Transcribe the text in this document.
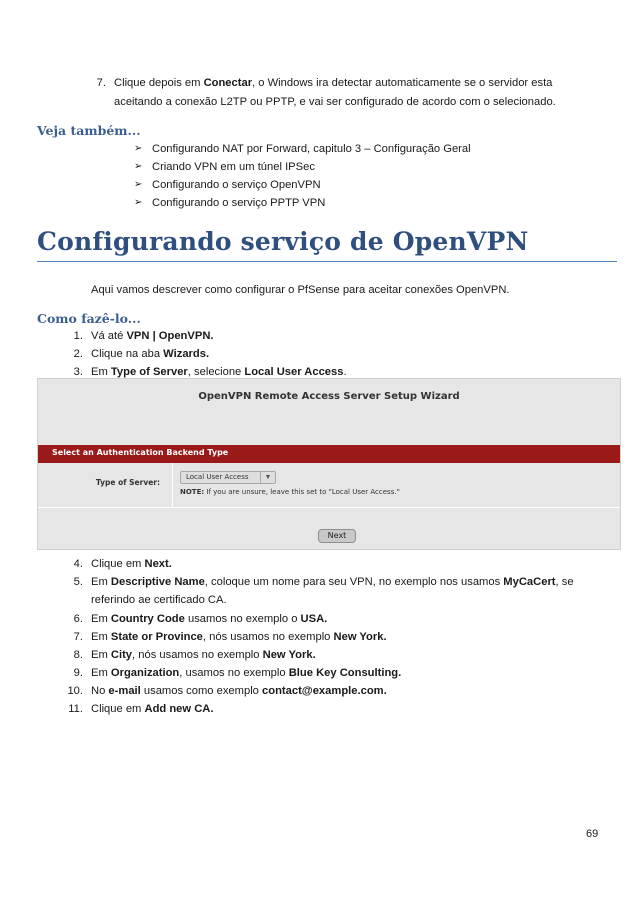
7. Clique depois em Conectar, o Windows ira detectar automaticamente se o servidor esta
aceitando a conexão L2TP ou PPTP, e vai ser configurado de acordo com o selecionado.
Veja também...
➢ Configurando NAT por Forward, capitulo 3 – Configuração Geral
➢ Criando VPN em um túnel IPSec
➢ Configurando o serviço OpenVPN
➢ Configurando o serviço PPTP VPN
Configurando serviço de OpenVPN
Aqui vamos descrever como configurar o PfSense para aceitar conexões OpenVPN.
Como fazê-lo...
1. Vá até VPN | OpenVPN.
2. Clique na aba Wizards.
3. Em Type of Server, selecione Local User Access.
OpenVPN Remote Access Server Setup Wizard
Select an Authentication Backend Type
Type of Server:
Local User Access	▼
NOTE: If you are unsure, leave this set to "Local User Access."
Next
4. Clique em Next.
5. Em Descriptive Name, coloque um nome para seu VPN, no exemplo nos usamos MyCaCert, se
referindo ae certificado CA.
6. Em Country Code usamos no exemplo o USA.
7. Em State or Province, nós usamos no exemplo New York.
8. Em City, nós usamos no exemplo New York.
9. Em Organization, usamos no exemplo Blue Key Consulting.
10. No e-mail usamos como exemplo contact@example.com.
11. Clique em Add new CA.
69
